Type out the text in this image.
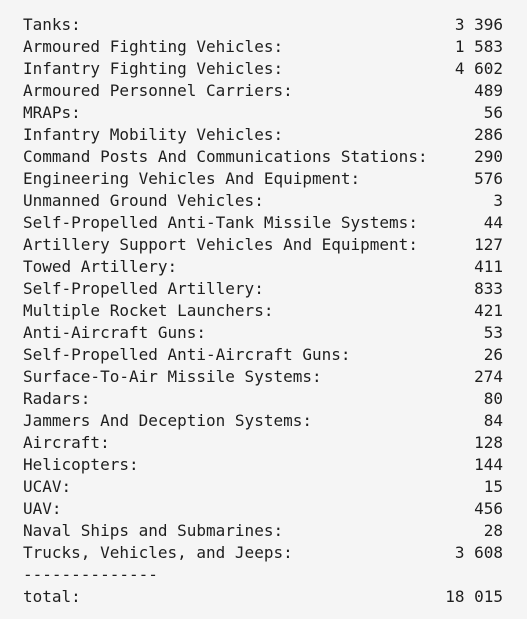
Tanks:	3 396
Armoured Fighting Vehicles:	1 583
Infantry Fighting Vehicles:	4 602
Armoured Personnel Carriers:	489
MRAPs:	56
Infantry Mobility Vehicles:	286
Command Posts And Communications Stations:	290
Engineering Vehicles And Equipment:	576
Unmanned Ground Vehicles:	3
Self-Propelled Anti-Tank Missile Systems:	44
Artillery Support Vehicles And Equipment:	127
Towed Artillery:	411
Self-Propelled Artillery:	833
Multiple Rocket Launchers:	421
Anti-Aircraft Guns:	53
Self-Propelled Anti-Aircraft Guns:	26
Surface-To-Air Missile Systems:	274
Radars:	80
Jammers And Deception Systems:	84
Aircraft:	128
Helicopters:	144
UCAV:	15
UAV:	456
Naval Ships and Submarines:	28
Trucks, Vehicles, and Jeeps:	3 608
--------------
total:	18 015
